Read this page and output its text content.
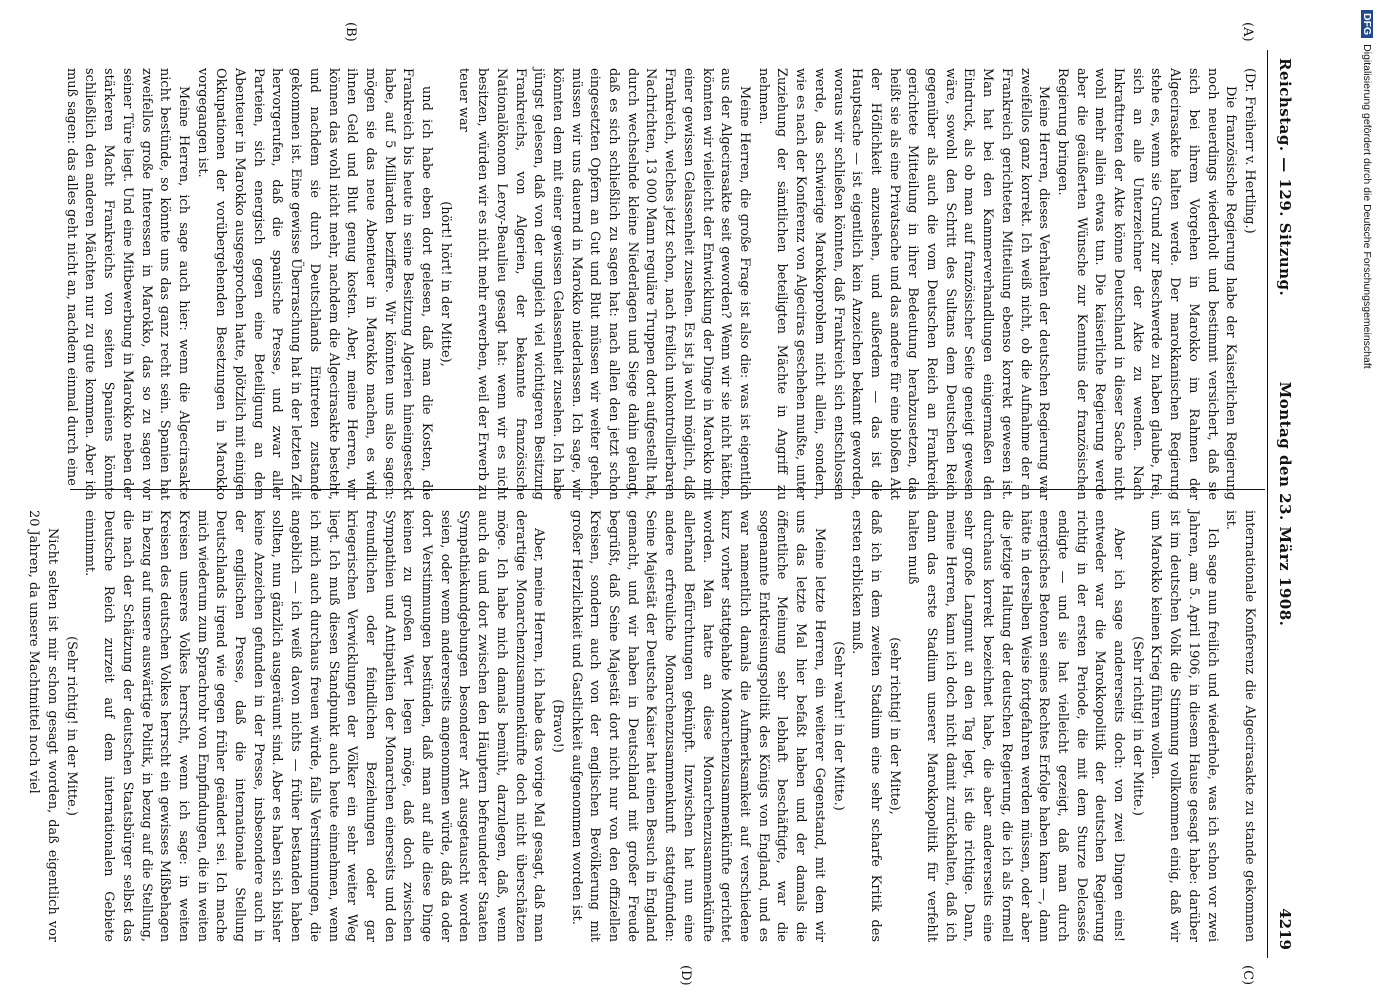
Reichstag. — 129. Sitzung.
Montag den 23. März 1908.
4219
(A)
(B)
(C)
(D)

(Dr. Freiherr v. Hertling.)

Die französische Regierung habe der Kaiserlichen Regierung noch neuerdings wiederholt und bestimmt versichert, daß sie sich bei ihrem Vorgehen in Marokko im Rahmen der Algecirasakte halten werde. Der marokkanischen Regierung stehe es, wenn sie Grund zur Beschwerde zu haben glaube, frei, sich an alle Unterzeichner der Akte zu wenden. Nach Inkrafttreten der Akte könne Deutschland in dieser Sache nicht wohl mehr allein etwas tun. Die kaiserliche Regierung werde aber die geäußerten Wünsche zur Kenntnis der französischen Regierung bringen.

Meine Herren, dieses Verhalten der deutschen Regierung war zweifellos ganz korrekt. Ich weiß nicht, ob die Aufnahme der an Frankreich gerichteten Mitteilung ebenso korrekt gewesen ist. Man hat bei den Kammerverhandlungen einigermaßen den Eindruck, als ob man auf französischer Seite geneigt gewesen wäre, sowohl den Schritt des Sultans dem Deutschen Reich gegenüber als auch die vom Deutschen Reich an Frankreich gerichtete Mitteilung in ihrer Bedeutung herabzusetzen, das heißt sie als eine Privatsache und das andere für eine bloßen Akt der Höflichkeit anzusehen, und außerdem — das ist die Hauptsache — ist eigentlich kein Anzeichen bekannt geworden, woraus wir schließen könnten, daß Frankreich sich entschlossen werde, das schwierige Marokkoproblem nicht allein, sondern, wie es nach der Konferenz von Algeciras geschehen mußte, unter Zuziehung der sämtlichen beteiligten Mächte in Angriff zu nehmen.

Meine Herren, die große Frage ist also die: was ist eigentlich aus der Algecirasakte seit geworden? Wenn wir sie nicht hätten, könnten wir vielleicht der Entwicklung der Dinge in Marokko mit einer gewissen Gelassenheit zusehen. Es ist ja wohl möglich, daß Frankreich, welches jetzt schon, nach freilich unkontrollierbaren Nachrichten, 13 000 Mann reguläre Truppen dort aufgestellt hat, durch wechselnde kleine Niederlagen und Siege dahin gelangt, daß es sich schließlich zu sagen hat: nach allen den jetzt schon eingesetzten Opfern an Gut und Blut müssen wir weiter gehen, müssen wir uns dauernd in Marokko niederlassen. Ich sage, wir könnten dem mit einer gewissen Gelassenheit zusehen. Ich habe jüngst gelesen, daß von der ungleich viel wichtigeren Besitzung Frankreichs, von Algerien, der bekannte französische Nationalökonom Leroy-Beaulieu gesagt hat: wenn wir es nicht besitzen, würden wir es nicht mehr erwerben, weil der Erwerb zu teuer war

(hört! hört! in der Mitte),

und ich habe eben dort gelesen, daß man die Kosten, die Frankreich bis heute in seine Besitzung Algerien hineingesteckt habe, auf 5 Milliarden beziffere. Wir könnten uns also sagen: mögen sie das neue Abenteuer in Marokko machen, es wird ihnen Geld und Blut genug kosten. Aber, meine Herren, wir können das wohl nicht mehr, nachdem die Algecirasakte besteht, und nachdem sie durch Deutschlands Eintreten zustande gekommen ist. Eine gewisse Überraschung hat in der letzten Zeit hervorgerufen, daß die spanische Presse, und zwar aller Parteien, sich energisch gegen eine Beteiligung an dem Abenteuer in Marokko ausgesprochen hatte, plötzlich mit einigen Okkupationen der vorübergehenden Besetzungen in Marokko vorgegangen ist.

Meine Herren, ich sage auch hier: wenn die Algecirasakte nicht bestünde, so könnte uns das ganz recht sein. Spanien hat zweifellos große Interessen in Marokko, das so zu sagen vor seiner Türe liegt. Und eine Mitbewerbung in Marokko neben der stärkeren Macht Frankreichs von seiten Spaniens könnte schließlich den anderen Mächten nur zu gute kommen. Aber ich muß sagen: das alles geht nicht an, nachdem einmal durch eine

internationale Konferenz die Algecirasakte zu stande gekommen ist.

Ich sage nun freilich und wiederhole, was ich schon vor zwei Jahren, am 5. April 1906, in diesem Hause gesagt habe: darüber ist im deutschen Volk die Stimmung vollkommen einig, daß wir um Marokko keinen Krieg führen wollen.

(Sehr richtig! in der Mitte.)

Aber ich sage andererseits doch: von zwei Dingen eins! entweder war die Marokkopolitik der deutschen Regierung richtig in der ersten Periode, die mit dem Sturze Delcassés endigte — und sie hat vielleicht gezeigt, daß man durch energisches Betonen seines Rechtes Erfolge haben kann —, dann hätte in derselben Weise fortgefahren werden müssen, oder aber die jetzige Haltung der deutschen Regierung, die ich als formell durchaus korrekt bezeichnet habe, die aber andererseits eine sehr große Langmut an den Tag legt, ist die richtige. Dann, meine Herren, kann ich doch nicht damit zurückhalten, daß ich dann das erste Stadium unserer Marokkopolitik für verfehlt halten muß

(sehr richtig! in der Mitte),

daß ich in dem zweiten Stadium eine sehr scharfe Kritik des ersten erblicken muß.

(Sehr wahr! in der Mitte.)

Meine letzte Herren, ein weiterer Gegenstand, mit dem wir uns das letzte Mal hier befaßt haben und der damals die öffentliche Meinung sehr lebhaft beschäftigte, war die sogenannte Entkreisungspolitik des Königs von England, und es war namentlich damals die Aufmerksamkeit auf verschiedene kurz vorher stattgehabte Monarchenzusammenkünfte gerichtet worden. Man hatte an diese Monarchenzusammenkünfte allerhand Befürchtungen geknüpft. Inzwischen hat nun eine andere erfreuliche Monarchenzusammenkunft stattgefunden: Seine Majestät der Deutsche Kaiser hat einen Besuch in England gemacht, und wir haben in Deutschland mit großer Freude begrüßt, daß Seine Majestät dort nicht nur von den offiziellen Kreisen, sondern auch von der englischen Bevölkerung mit großer Herzlichkeit und Gastlichkeit aufgenommen worden ist.

(Bravo!)

Aber, meine Herren, ich habe das vorige Mal gesagt, daß man derartige Monarchenzusammenkünfte doch nicht überschätzen möge. Ich habe mich damals bemüht, darzulegen, daß, wenn auch da und dort zwischen den Häuptern befreundeter Staaten Sympathiekundgebungen besonderer Art ausgetauscht worden seien, oder wenn andererseits angenommen würde, daß da oder dort Verstimmungen bestünden, daß man auf alle diese Dinge keinen zu großen Wert legen möge, daß doch zwischen Sympathien und Antipathien der Monarchen einerseits und den freundlichen oder feindlichen Beziehungen oder gar kriegerischen Verwicklungen der Völker ein sehr weiter Weg liegt. Ich muß diesen Standpunkt auch heute einnehmen, wenn ich mich auch durchaus freuen würde, falls Verstimmungen, die angeblich — ich weiß davon nichts — früher bestanden haben sollten, nun gänzlich ausgeräumt sind. Aber es haben sich bisher keine Anzeichen gefunden in der Presse, insbesondere auch in der englischen Presse, daß die internationale Stellung Deutschlands irgend wie gegen früher geändert sei. Ich mache mich wiederum zum Sprachrohr von Empfindungen, die in weiten Kreisen unseres Volkes herrscht, wenn ich sage: in weiten Kreisen des deutschen Volkes herrscht ein gewisses Mißbehagen in bezug auf unsere auswärtige Politik, in bezug auf die Stellung, die nach der Schätzung der deutschen Staatsbürger selbst das Deutsche Reich zurzeit auf dem internationalen Gebiete einnimmt.

(Sehr richtig! in der Mitte.)

Nicht selten ist mir schon gesagt worden, daß eigentlich vor 20 Jahren, da unsere Machtmittel noch viel

DFGDigitalisierung gefördert durch die Deutsche Forschungsgemeinschaft
